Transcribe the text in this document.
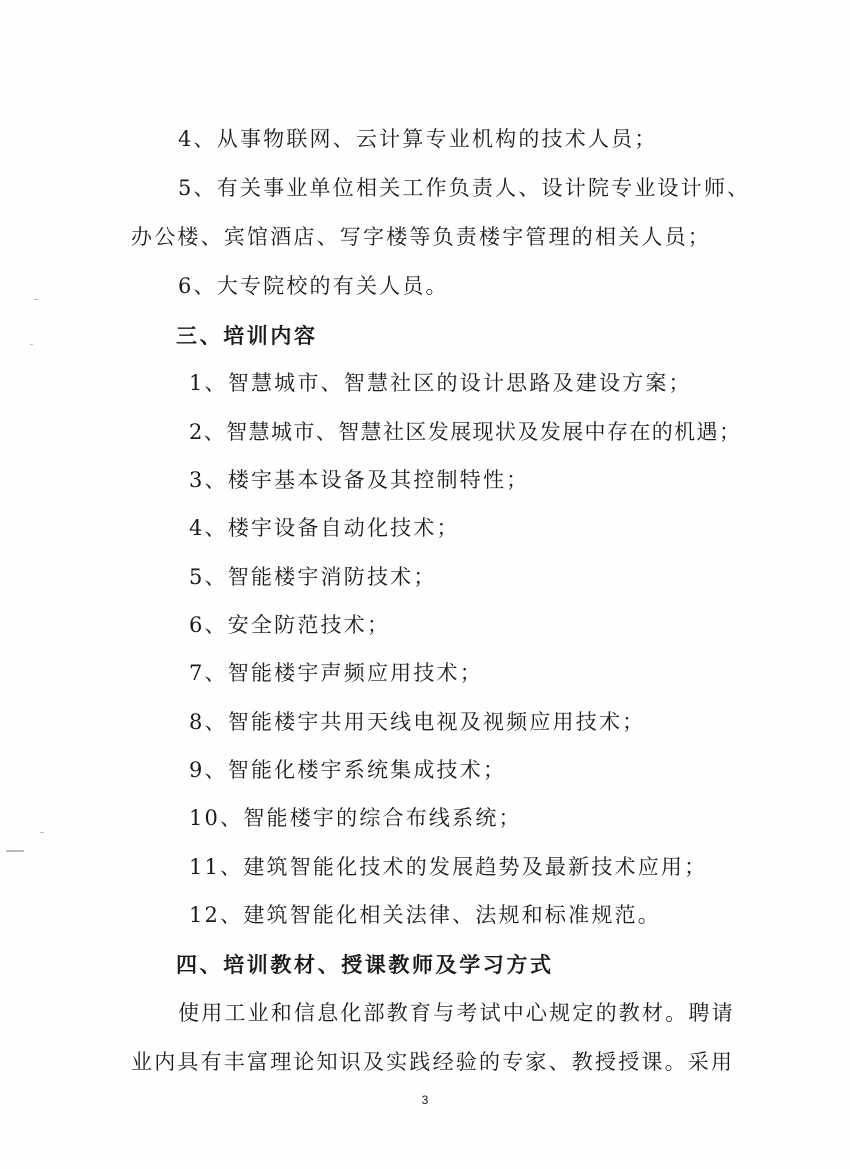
4、从事物联网、云计算专业机构的技术人员；
5、有关事业单位相关工作负责人、设计院专业设计师、
办公楼、宾馆酒店、写字楼等负责楼宇管理的相关人员；
6、大专院校的有关人员。
三、培训内容
1、智慧城市、智慧社区的设计思路及建设方案；
2、智慧城市、智慧社区发展现状及发展中存在的机遇；
3、楼宇基本设备及其控制特性；
4、楼宇设备自动化技术；
5、智能楼宇消防技术；
6、安全防范技术；
7、智能楼宇声频应用技术；
8、智能楼宇共用天线电视及视频应用技术；
9、智能化楼宇系统集成技术；
10、智能楼宇的综合布线系统；
11、建筑智能化技术的发展趋势及最新技术应用；
12、建筑智能化相关法律、法规和标准规范。
四、培训教材、授课教师及学习方式
使用工业和信息化部教育与考试中心规定的教材。聘请
业内具有丰富理论知识及实践经验的专家、教授授课。采用
3
